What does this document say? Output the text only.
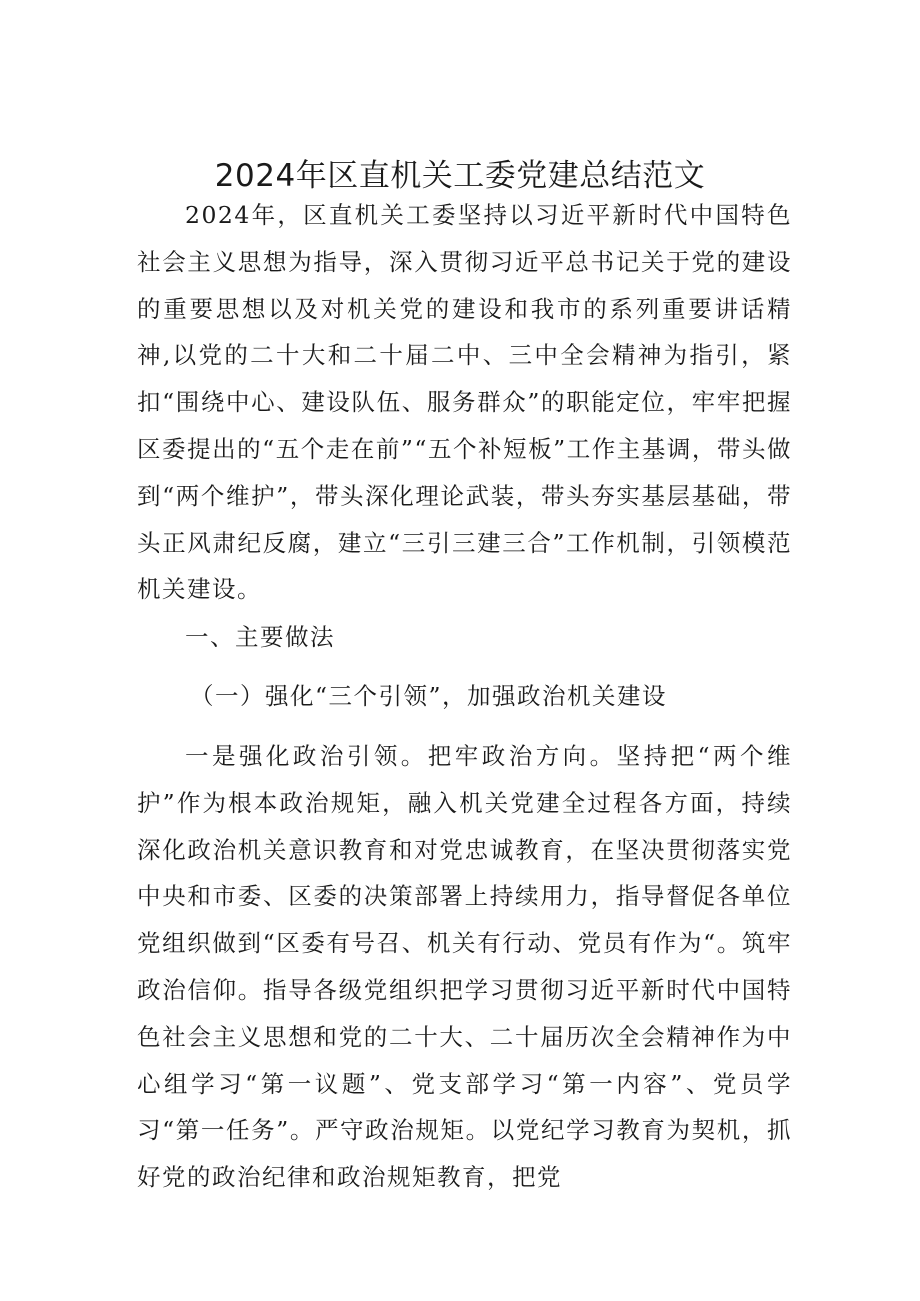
2024年区直机关工委党建总结范文

2024年，区直机关工委坚持以习近平新时代中国特色社会主义思想为指导，深入贯彻习近平总书记关于党的建设的重要思想以及对机关党的建设和我市的系列重要讲话精神,以党的二十大和二十届二中、三中全会精神为指引，紧扣“围绕中心、建设队伍、服务群众”的职能定位，牢牢把握区委提出的“五个走在前”“五个补短板”工作主基调，带头做到“两个维护”，带头深化理论武装，带头夯实基层基础，带头正风肃纪反腐，建立“三引三建三合”工作机制，引领模范机关建设。

一、主要做法

（一）强化“三个引领”，加强政治机关建设

一是强化政治引领。把牢政治方向。坚持把“两个维护”作为根本政治规矩，融入机关党建全过程各方面，持续深化政治机关意识教育和对党忠诚教育，在坚决贯彻落实党中央和市委、区委的决策部署上持续用力，指导督促各单位党组织做到“区委有号召、机关有行动、党员有作为“。筑牢政治信仰。指导各级党组织把学习贯彻习近平新时代中国特色社会主义思想和党的二十大、二十届历次全会精神作为中心组学习“第一议题”、党支部学习“第一内容”、党员学习“第一任务”。严守政治规矩。以党纪学习教育为契机，抓好党的政治纪律和政治规矩教育，把党
